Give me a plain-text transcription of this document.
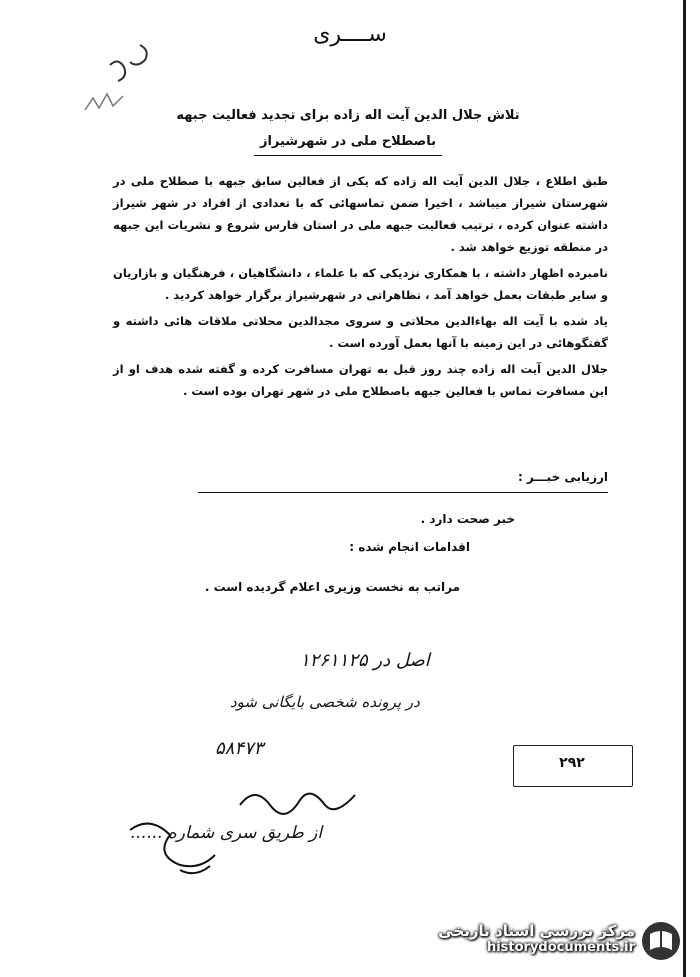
ســــری
تلاش جلال الدین آیت اله زاده برای تجدید فعالیت جبهه
باصطلاح ملی در شهرشیراز

طبق اطلاع ، جلال الدین آیت اله زاده که یکی از فعالین سابق جبهه با صطلاح ملی در شهرستان شیراز میباشد ، اخیرا ضمن تماسهائی که با تعدادی از افراد در شهر شیراز داشته عنوان کرده ، ترتیب فعالیت جبهه ملی در استان فارس شروع و نشریات این جبهه در منطقه توزیع خواهد شد .

نامبرده اظهار داشته ، با همکاری نزدیکی که با علماء ، دانشگاهیان ، فرهنگیان و بازاریان و سایر طبقات بعمل خواهد آمد ، تظاهراتی در شهرشیراز برگزار خواهد کردید .

یاد شده با آیت اله بهاءالدین محلاتی و سروی مجدالدین محلاتی ملاقات هائی داشته و گفتگوهائی در این زمینه با آنها بعمل آورده است .

جلال الدین آیت اله زاده چند روز قبل به تهران مسافرت کرده و گفته شده هدف او از این مسافرت تماس با فعالین جبهه باصطلاح ملی در شهر تهران بوده است .

ارزیابی خبـــر :
خبر صحت دارد .
اقدامات انجام شده :
مراتب به نخست وزیری اعلام گردیده است .
اصل در ۱۲۶۱۱۲۵
در پرونده شخصی بایگانی شود
۵۸۴۷۳
از طریق سری شماره ......
۲۹۲
مرکز بررسی اسناد تاریخی
historydocuments.ir
